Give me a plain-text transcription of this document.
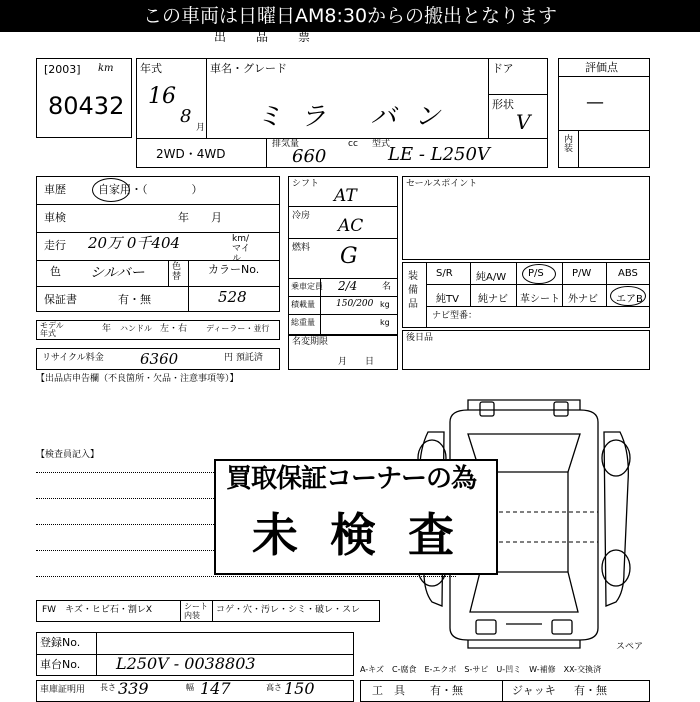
この車両は日曜日AM8:30からの搬出となります
出品票
[2003] km
80432
年式
16
8
月
車名・グレード
ミラ バン
ドア
形状
V
2WD・4WD
排気量
660
cc 型式
LE - L250V
評価点
—
内装
車歴	自家用・（　　　　）
車検	年　　月
走行 20万 0千404	km/マイル
色 シルバー	色替
カラーNo.
528
保証書	有・無
モデル年式	年 ハンドル 左・右 ディーラー・並行
リサイクル料金 6360	円 預託済
シフト
AT
冷房 AC
燃料 G
乗車定員 2/4	名
積載量 150/200 kg
総重量	kg
名変期限
月　　日
セールスポイント
装備品
S/R 純A/W P/S	P/W	ABS
純TV 純ナビ 革シート 外ナビ エアB
ナビ型番：
後日品
【出品店申告欄（不良箇所・欠品・注意事項等）】
【検査員記入】
スペア
買取保証コーナーの為
未 検 査
FW　キズ・ヒビ石・割レX	シート内装
コゲ・穴・汚レ・シミ・破レ・スレ
登録No.
車台No. L250V - 0038803	A-キズ　C-腐食　E-エクボ　S-サビ　U-凹ミ　W-補修　XX-交換済
車庫証明用 長さ 339	幅 147	高さ 150	工　具 有・無	ジャッキ 有・無
